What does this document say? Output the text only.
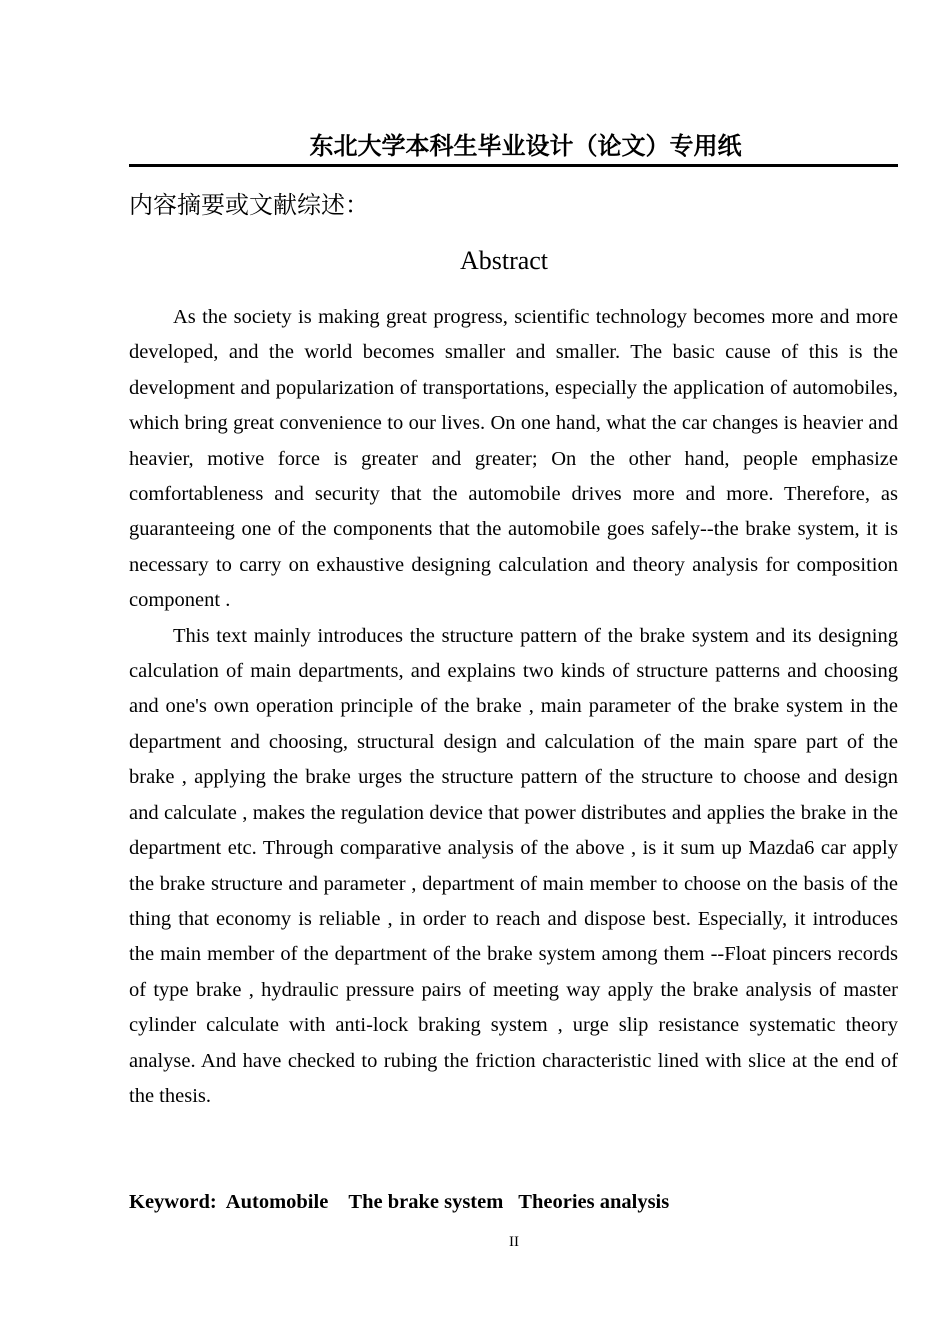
东北大学本科生毕业设计（论文）专用纸
内容摘要或文献综述：
Abstract

As the society is making great progress, scientific technology becomes more and more developed, and the world becomes smaller and smaller. The basic cause of this is the development and popularization of transportations, especially the application of automobiles, which bring great convenience to our lives. On one hand, what the car changes is heavier and heavier, motive force is greater and greater; On the other hand, people emphasize comfortableness and security that the automobile drives more and more. Therefore, as guaranteeing one of the components that the automobile goes safely--the brake system, it is necessary to carry on exhaustive designing calculation and theory analysis for composition component .

This text mainly introduces the structure pattern of the brake system and its designing calculation of main departments, and explains two kinds of structure patterns and choosing and one's own operation principle of the brake , main parameter of the brake system in the department and choosing, structural design and calculation of the main spare part of the brake , applying the brake urges the structure pattern of the structure to choose and design and calculate , makes the regulation device that power distributes and applies the brake in the department etc. Through comparative analysis of the above , is it sum up Mazda6 car apply the brake structure and parameter , department of main member to choose on the basis of the thing that economy is reliable , in order to reach and dispose best. Especially, it introduces the main member of the department of the brake system among them --Float pincers records of type brake , hydraulic pressure pairs of meeting way apply the brake analysis of master cylinder calculate with anti-lock braking system , urge slip resistance systematic theory analyse. And have checked to rubing the friction characteristic lined with slice at the end of the thesis.

Keyword:  Automobile    The brake system   Theories analysis
II
